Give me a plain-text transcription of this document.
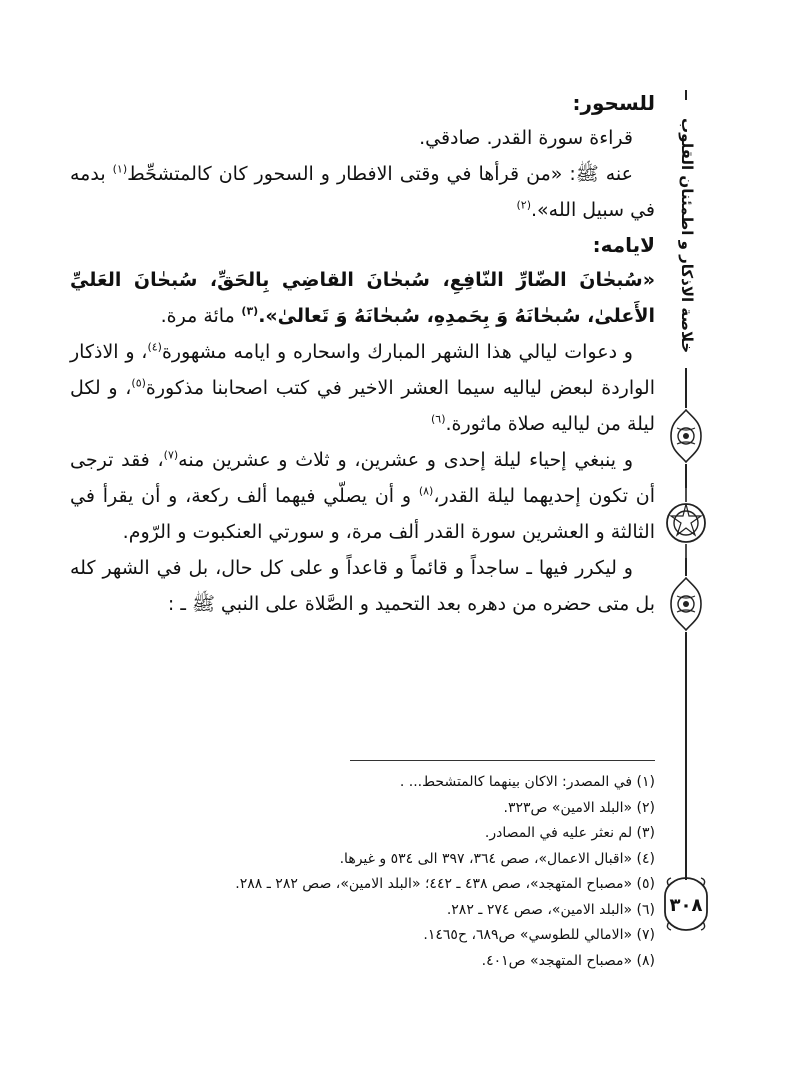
خلاصة الاذكار و اطمئنان القلوب
٣٠٨

للسحور:

قراءة سورة القدر. صادقي.

عنه ﷺ: «من قرأها في وقتى الافطار و السحور كان كالمتشحِّط$^{(١)}$ بدمه في سبيل الله».$^{(٢)}$

لايامه:

«سُبحٰانَ الضّارِّ النّافِعِ، سُبحٰانَ القاضِي بِالحَقِّ، سُبحٰانَ العَليِّ الأَعلىٰ، سُبحٰانَهُ وَ بِحَمدِهِ، سُبحٰانَهُ وَ تَعالىٰ».$^{(٣)}$ مائة مرة.

و دعوات ليالي هذا الشهر المبارك واسحاره و ايامه مشهورة$^{(٤)}$، و الاذكار الواردة لبعض لياليه سيما العشر الاخير في كتب اصحابنا مذكورة$^{(٥)}$، و لكل ليلة من لياليه صلاة ماثورة.$^{(٦)}$

و ينبغي إحياء ليلة إحدى و عشرين، و ثلاث و عشرين منه$^{(٧)}$، فقد ترجى أن تكون إحديهما ليلة القدر،$^{(٨)}$ و أن يصلّي فيهما ألف ركعة، و أن يقرأ في الثالثة و العشرين سورة القدر ألف مرة، و سورتي العنكبوت و الرّوم.

و ليكرر فيها ـ ساجداً و قائماً و قاعداً و على كل حال، بل في الشهر كله بل متى حضره من دهره بعد التحميد و الصَّلاة على النبي ﷺ ـ :

(١) في المصدر: الاكان بينهما كالمتشحط... .

(٢) «البلد الامين» ص٣٢٣.

(٣) لم نعثر عليه في المصادر.

(٤) «اقبال الاعمال»، صص ٣٦٤، ٣٩٧ الى ٥٣٤ و غيرها.

(٥) «مصباح المتهجد»، صص ٤٣٨ ـ ٤٤٢؛ «البلد الامين»، صص ٢٨٢ ـ ٢٨٨.

(٦) «البلد الامين»، صص ٢٧٤ ـ ٢٨٢.

(٧) «الامالي للطوسي» ص٦٨٩، ح١٤٦٥.

(٨) «مصباح المتهجد» ص٤٠١.
